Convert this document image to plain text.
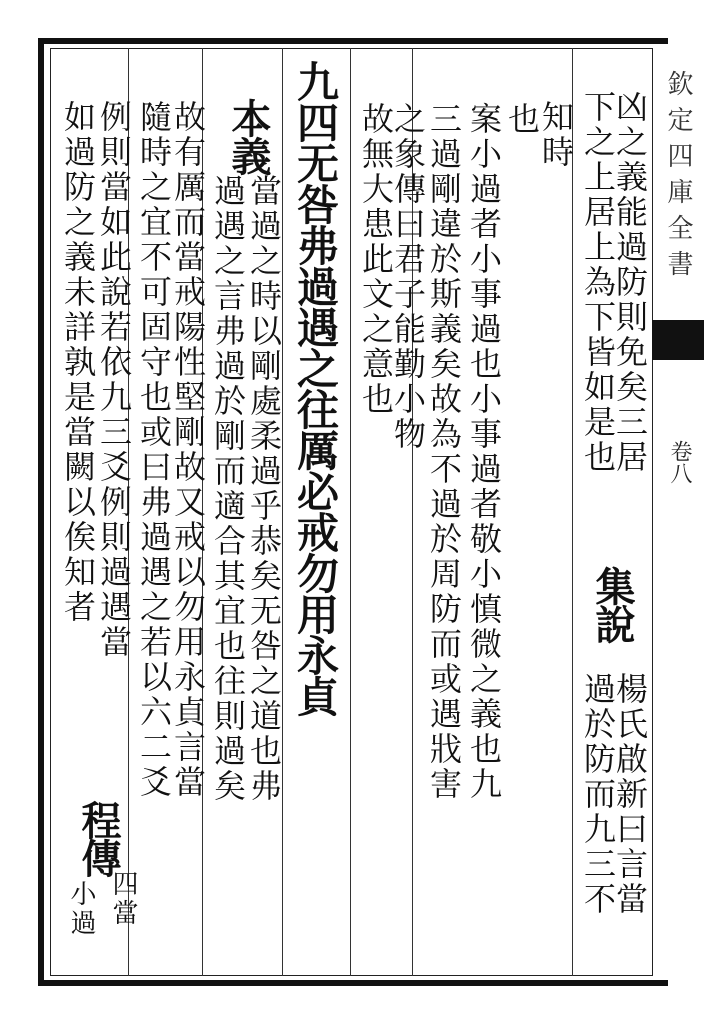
欽定四庫全書
卷八
凶之義能過防則免矣三居
下之上居上為下皆如是也
集說
楊氏啟新曰言當
過於防而九三不
知時
也
案小過者小事過也小事過者敬小慎微之義也九
三過剛違於斯義矣故為不過於周防而或遇戕害
之象傳曰君子能勤小物
故無大患此文之意也
九四无咎弗過遇之往厲必戒勿用永貞
當過之時以剛處柔過乎恭矣无咎之道也弗
本義
過遇之言弗過於剛而適合其宜也往則過矣
故有厲而當戒陽性堅剛故又戒以勿用永貞言當
隨時之宜不可固守也或曰弗過遇之若以六二爻
例則當如此說若依九三爻例則過遇當
程傳
四當
如過防之義未詳孰是當闕以俟知者
小過
